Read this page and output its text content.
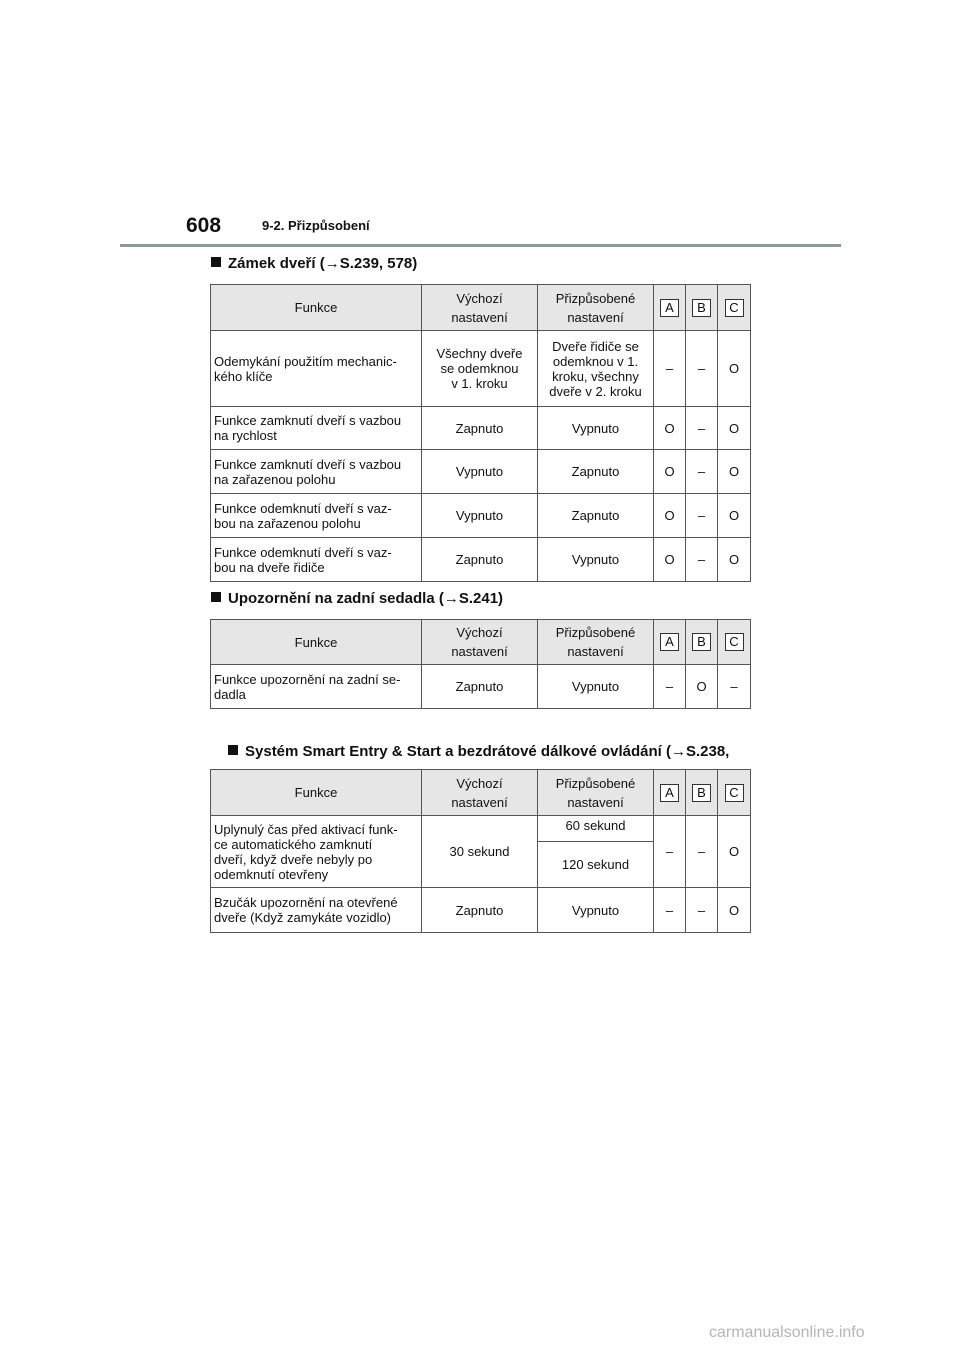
608	9-2. Přizpůsobení
Zámek dveří (→S.239, 578)
Funkce	Výchozí
nastavení	Přizpůsobené
nastavení	A	B	C
Odemykání použitím mechanic-
kého klíče	Všechny dveře
se odemknou
v 1. kroku	Dveře řidiče se
odemknou v 1.
kroku, všechny
dveře v 2. kroku	–	–	O
Funkce zamknutí dveří s vazbou
na rychlost	Zapnuto	Vypnuto	O	–	O
Funkce zamknutí dveří s vazbou
na zařazenou polohu	Vypnuto	Zapnuto	O	–	O
Funkce odemknutí dveří s vaz-
bou na zařazenou polohu	Vypnuto	Zapnuto	O	–	O
Funkce odemknutí dveří s vaz-
bou na dveře řidiče	Zapnuto	Vypnuto	O	–	O
Upozornění na zadní sedadla (→S.241)
Funkce	Výchozí
nastavení	Přizpůsobené
nastavení	A	B	C
Funkce upozornění na zadní se-
dadla	Zapnuto	Vypnuto	–	O	–

Systém Smart Entry & Start a bezdrátové dálkové ovládání (→S.238,

Funkce	Výchozí
nastavení	Přizpůsobené
nastavení	A	B	C
Uplynulý čas před aktivací funk-
ce automatického zamknutí
dveří, když dveře nebyly po
odemknutí otevřeny	30 sekund	60 sekund	–	–	O
		120 sekund			
Bzučák upozornění na otevřené
dveře (Když zamykáte vozidlo)	Zapnuto	Vypnuto	–	–	O
carmanualsonline.info
